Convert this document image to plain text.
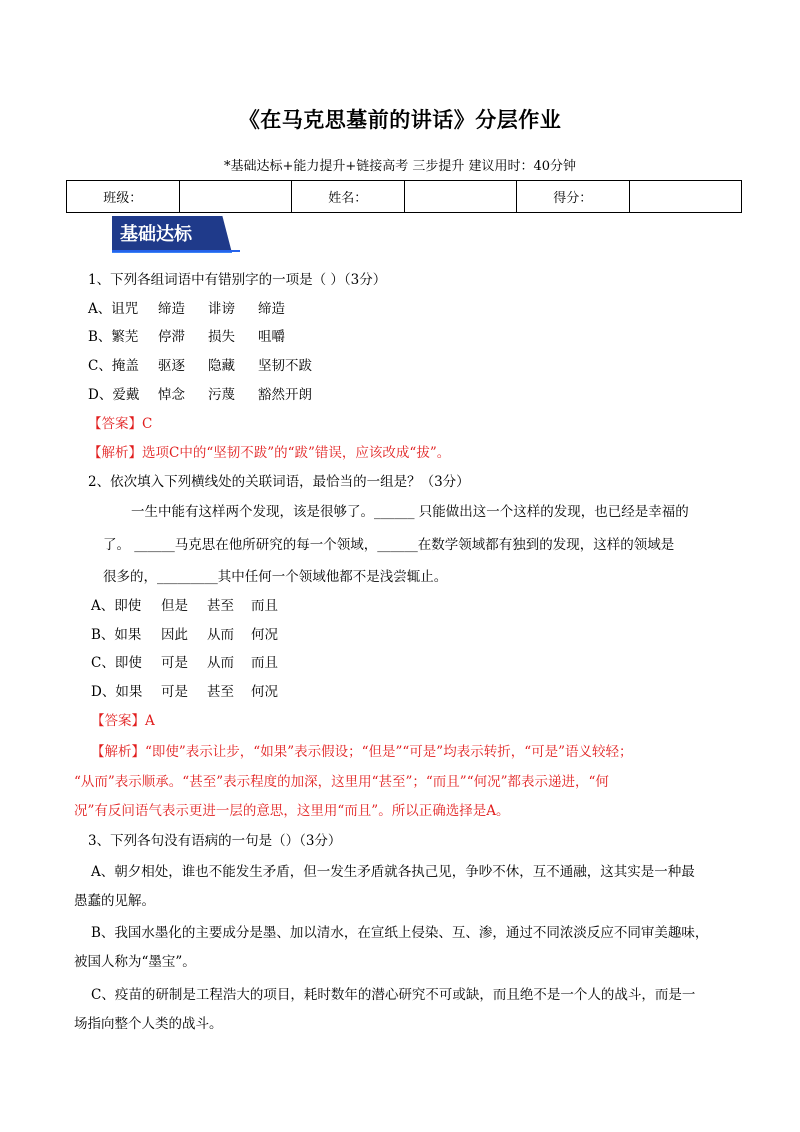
《在马克思墓前的讲话》分层作业
*基础达标+能力提升+链接高考 三步提升 建议用时：40分钟
班级：		姓名：		得分：	
基础达标
1、下列各组词语中有错别字的一项是（ ）（3分）
A、诅咒 缔造 诽谤 缔造
B、繁芜 停滞 损失 咀嚼
C、掩盖 驱逐 隐藏 坚韧不跋
D、爱戴 悼念 污蔑 豁然开朗
【答案】C
【解析】选项C中的“坚韧不跋”的“跋”错误，应该改成“拔”。
2、依次填入下列横线处的关联词语，最恰当的一组是？（3分）
一生中能有这样两个发现，该是很够了。______ 只能做出这一个这样的发现，也已经是幸福的
了。 ______马克思在他所研究的每一个领域，______在数学领域都有独到的发现，这样的领域是
很多的，_________其中任何一个领域他都不是浅尝辄止。
A、即使 但是 甚至 而且
B、如果 因此 从而 何况
C、即使 可是 从而 而且
D、如果 可是 甚至 何况
【答案】A
【解析】“即使”表示让步，“如果”表示假设；“但是”“可是”均表示转折，“可是”语义较轻；
“从而”表示顺承。“甚至”表示程度的加深，这里用“甚至”；“而且”“何况”都表示递进，“何
况”有反问语气表示更进一层的意思，这里用“而且”。所以正确选择是A。
3、下列各句没有语病的一句是（）（3分）
A、朝夕相处，谁也不能发生矛盾，但一发生矛盾就各执己见，争吵不休，互不通融，这其实是一种最
愚蠢的见解。
B、我国水墨化的主要成分是墨、加以清水，在宣纸上侵染、互、渗，通过不同浓淡反应不同审美趣味，
被国人称为“墨宝”。
C、疫苗的研制是工程浩大的项目，耗时数年的潜心研究不可或缺，而且绝不是一个人的战斗，而是一
场指向整个人类的战斗。
